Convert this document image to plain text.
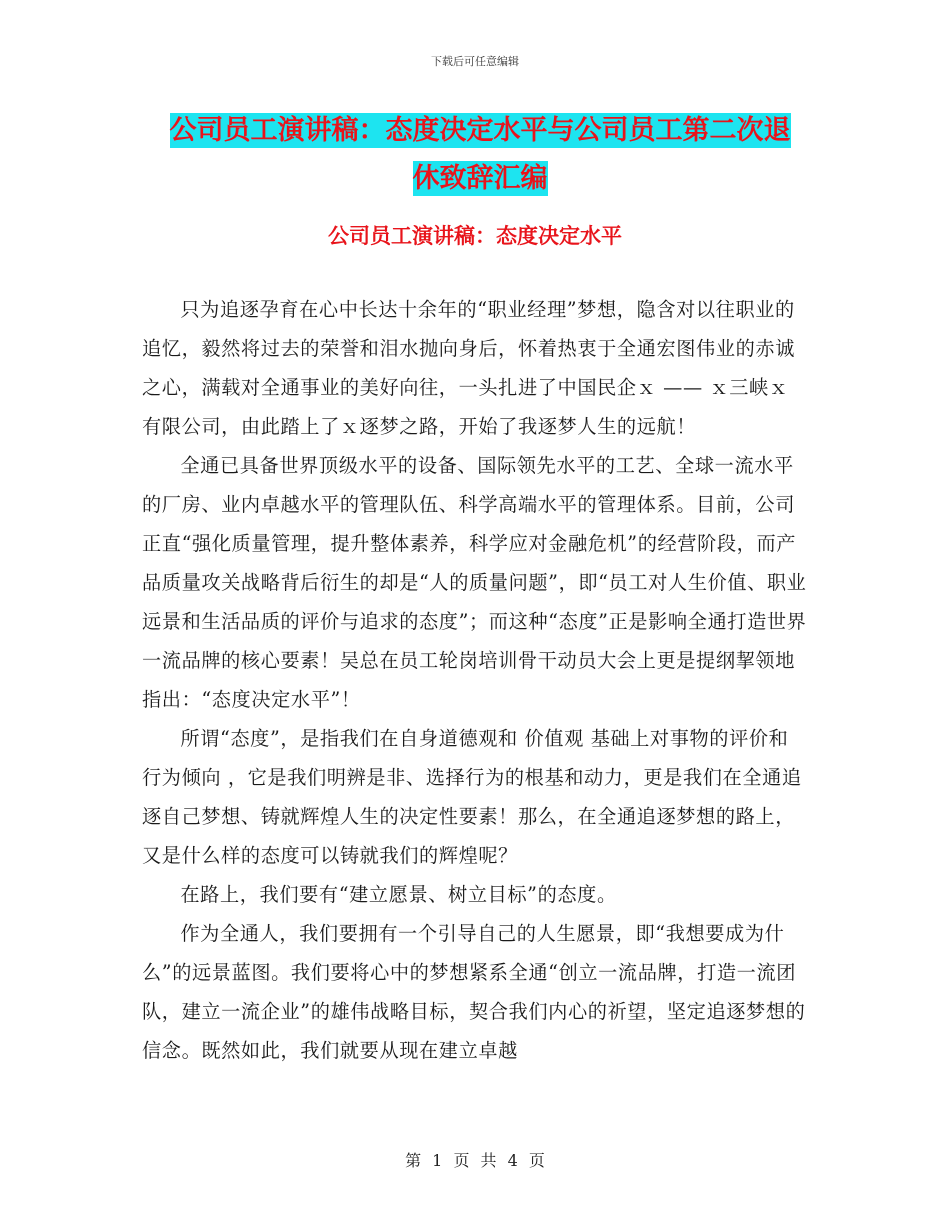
下载后可任意编辑
公司员工演讲稿：态度决定水平与公司员工第二次退
休致辞汇编
公司员工演讲稿：态度决定水平

只为追逐孕育在心中长达十余年的“职业经理”梦想，隐含对以往职业的追忆，毅然将过去的荣誉和泪水抛向身后，怀着热衷于全通宏图伟业的赤诚之心，满载对全通事业的美好向往，一头扎进了中国民企ｘ —— ｘ三峡ｘ有限公司，由此踏上了ｘ逐梦之路，开始了我逐梦人生的远航！

全通已具备世界顶级水平的设备、国际领先水平的工艺、全球一流水平的厂房、业内卓越水平的管理队伍、科学高端水平的管理体系。目前，公司正直“强化质量管理，提升整体素养，科学应对金融危机”的经营阶段，而产品质量攻关战略背后衍生的却是“人的质量问题”，即“员工对人生价值、职业远景和生活品质的评价与追求的态度”；而这种“态度”正是影响全通打造世界一流品牌的核心要素！吴总在员工轮岗培训骨干动员大会上更是提纲挈领地指出：“态度决定水平”！

所谓“态度”，是指我们在自身道德观和 价值观 基础上对事物的评价和 行为倾向 ，它是我们明辨是非、选择行为的根基和动力，更是我们在全通追逐自己梦想、铸就辉煌人生的决定性要素！那么，在全通追逐梦想的路上，又是什么样的态度可以铸就我们的辉煌呢？

在路上，我们要有“建立愿景、树立目标”的态度。

作为全通人，我们要拥有一个引导自己的人生愿景，即“我想要成为什么”的远景蓝图。我们要将心中的梦想紧系全通“创立一流品牌，打造一流团队，建立一流企业”的雄伟战略目标，契合我们内心的祈望，坚定追逐梦想的信念。既然如此，我们就要从现在建立卓越

第 1 页 共 4 页
